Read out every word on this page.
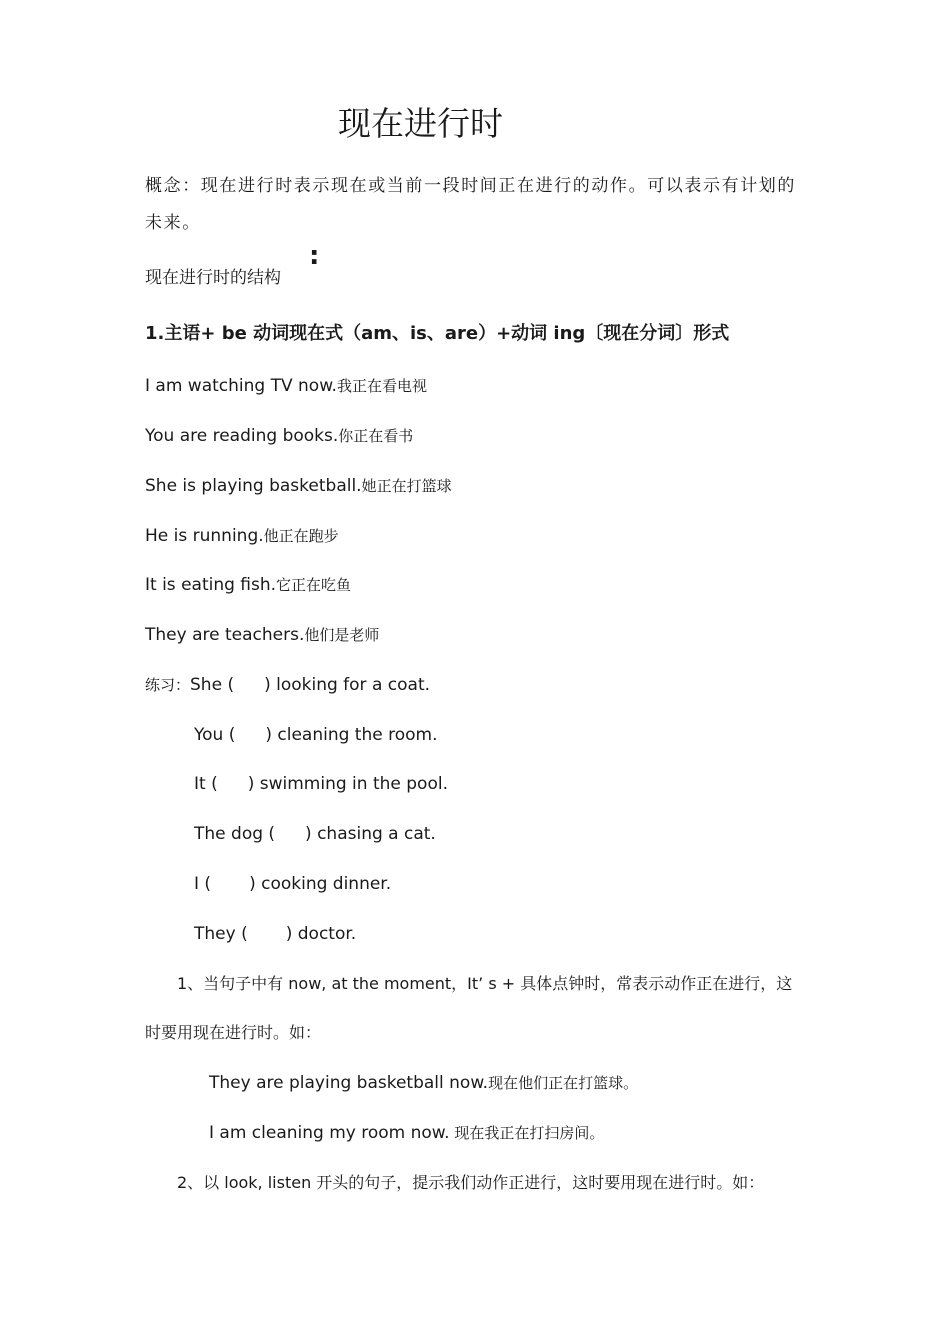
现在进行时
概念：现在进行时表示现在或当前一段时间正在进行的动作。可以表示有计划的未来。
现在进行时的结构
:
1.主语+ be 动词现在式（am、is、are）+动词 ing〔现在分词〕形式
I am watching TV now.我正在看电视
You are reading books.你正在看书
She is playing basketball.她正在打篮球
He is running.他正在跑步
It is eating fish.它正在吃鱼
They are teachers.他们是老师
练习：She ( ) looking for a coat.
You ( ) cleaning the room.
It ( ) swimming in the pool.
The dog ( ) chasing a cat.
I ( ) cooking dinner.
They ( ) doctor.
1、当句子中有 now, at the moment，It’ s + 具体点钟时，常表示动作正在进行，这
时要用现在进行时。如：
They are playing basketball now.现在他们正在打篮球。
I am cleaning my room now. 现在我正在打扫房间。
2、以 look, listen 开头的句子，提示我们动作正进行，这时要用现在进行时。如：
